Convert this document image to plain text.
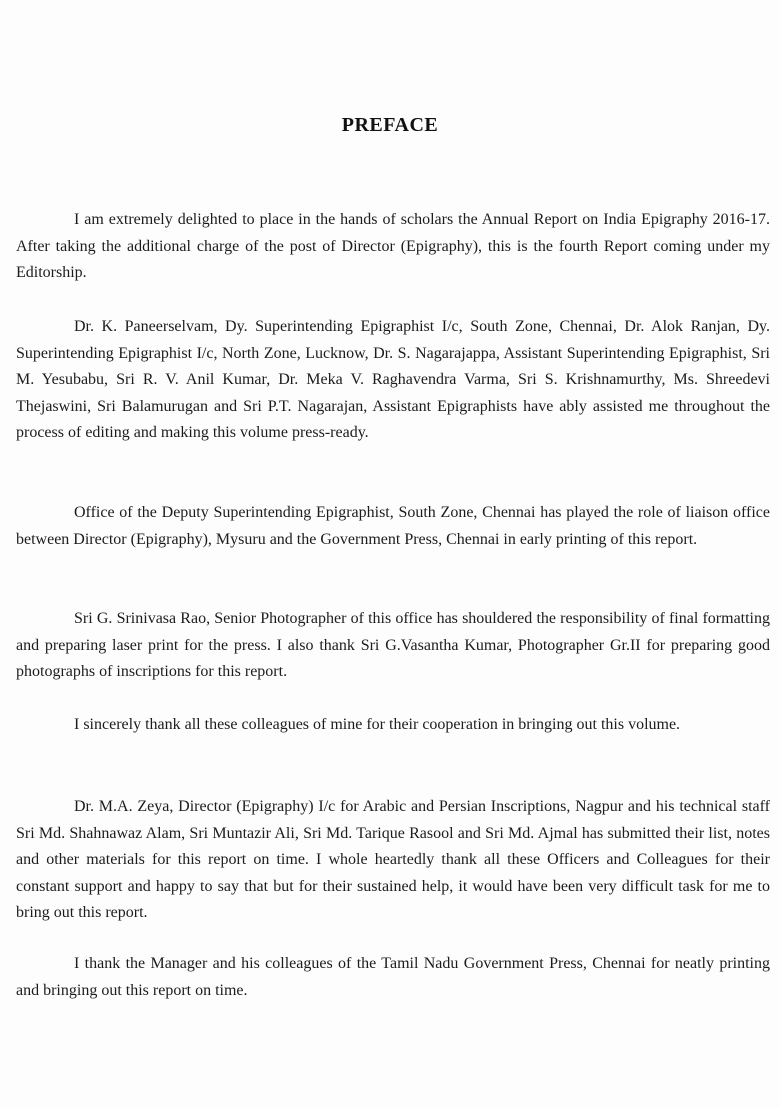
PREFACE

I am extremely delighted to place in the hands of scholars the Annual Report on India Epigraphy 2016-17. After taking the additional charge of the post of Director (Epigraphy), this is the fourth Report coming under my Editorship.

Dr. K. Paneerselvam, Dy. Superintending Epigraphist I/c, South Zone, Chennai, Dr. Alok Ranjan, Dy. Superintending Epigraphist I/c, North Zone, Lucknow, Dr. S. Nagarajappa, Assistant Superintending Epigraphist, Sri M. Yesubabu, Sri R. V. Anil Kumar, Dr. Meka V. Raghavendra Varma, Sri S. Krishnamurthy, Ms. Shreedevi Thejaswini, Sri Balamurugan and Sri P.T. Nagarajan, Assistant Epigraphists have ably assisted me throughout the process of editing and making this volume press-ready.

Office of the Deputy Superintending Epigraphist, South Zone, Chennai has played the role of liaison office between Director (Epigraphy), Mysuru and the Government Press, Chennai in early printing of this report.

Sri G. Srinivasa Rao, Senior Photographer of this office has shouldered the responsibility of final formatting and preparing laser print for the press. I also thank Sri G.Vasantha Kumar, Photographer Gr.II for preparing good photographs of inscriptions for this report.

I sincerely thank all these colleagues of mine for their cooperation in bringing out this volume.

Dr. M.A. Zeya, Director (Epigraphy) I/c for Arabic and Persian Inscriptions, Nagpur and his technical staff Sri Md. Shahnawaz Alam, Sri Muntazir Ali, Sri Md. Tarique Rasool and Sri Md. Ajmal has submitted their list, notes and other materials for this report on time. I whole heartedly thank all these Officers and Colleagues for their constant support and happy to say that but for their sustained help, it would have been very difficult task for me to bring out this report.

I thank the Manager and his colleagues of the Tamil Nadu Government Press, Chennai for neatly printing and bringing out this report on time.
